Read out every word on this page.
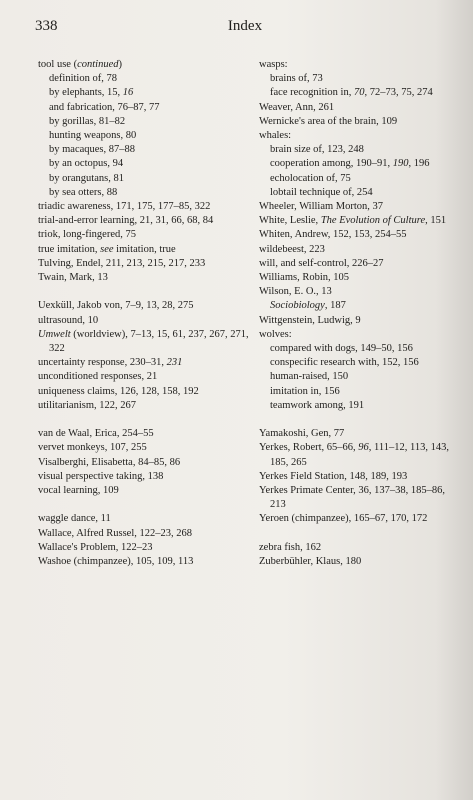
338	Index
tool use (continued)
definition of, 78
by elephants, 15, 16
and fabrication, 76–87, 77
by gorillas, 81–82
hunting weapons, 80
by macaques, 87–88
by an octopus, 94
by orangutans, 81
by sea otters, 88
triadic awareness, 171, 175, 177–85, 322
trial-and-error learning, 21, 31, 66, 68, 84
triok, long-fingered, 75
true imitation, see imitation, true
Tulving, Endel, 211, 213, 215, 217, 233
Twain, Mark, 13
Uexküll, Jakob von, 7–9, 13, 28, 275
ultrasound, 10
Umwelt (worldview), 7–13, 15, 61, 237, 267, 271, 322
uncertainty response, 230–31, 231
unconditioned responses, 21
uniqueness claims, 126, 128, 158, 192
utilitarianism, 122, 267
van de Waal, Erica, 254–55
vervet monkeys, 107, 255
Visalberghi, Elisabetta, 84–85, 86
visual perspective taking, 138
vocal learning, 109
waggle dance, 11
Wallace, Alfred Russel, 122–23, 268
Wallace's Problem, 122–23
Washoe (chimpanzee), 105, 109, 113
wasps:
brains of, 73
face recognition in, 70, 72–73, 75, 274
Weaver, Ann, 261
Wernicke's area of the brain, 109
whales:
brain size of, 123, 248
cooperation among, 190–91, 190, 196
echolocation of, 75
lobtail technique of, 254
Wheeler, William Morton, 37
White, Leslie, The Evolution of Culture, 151
Whiten, Andrew, 152, 153, 254–55
wildebeest, 223
will, and self-control, 226–27
Williams, Robin, 105
Wilson, E. O., 13
Sociobiology, 187
Wittgenstein, Ludwig, 9
wolves:
compared with dogs, 149–50, 156
conspecific research with, 152, 156
human-raised, 150
imitation in, 156
teamwork among, 191
Yamakoshi, Gen, 77
Yerkes, Robert, 65–66, 96, 111–12, 113, 143, 185, 265
Yerkes Field Station, 148, 189, 193
Yerkes Primate Center, 36, 137–38, 185–86, 213
Yeroen (chimpanzee), 165–67, 170, 172
zebra fish, 162
Zuberbühler, Klaus, 180
